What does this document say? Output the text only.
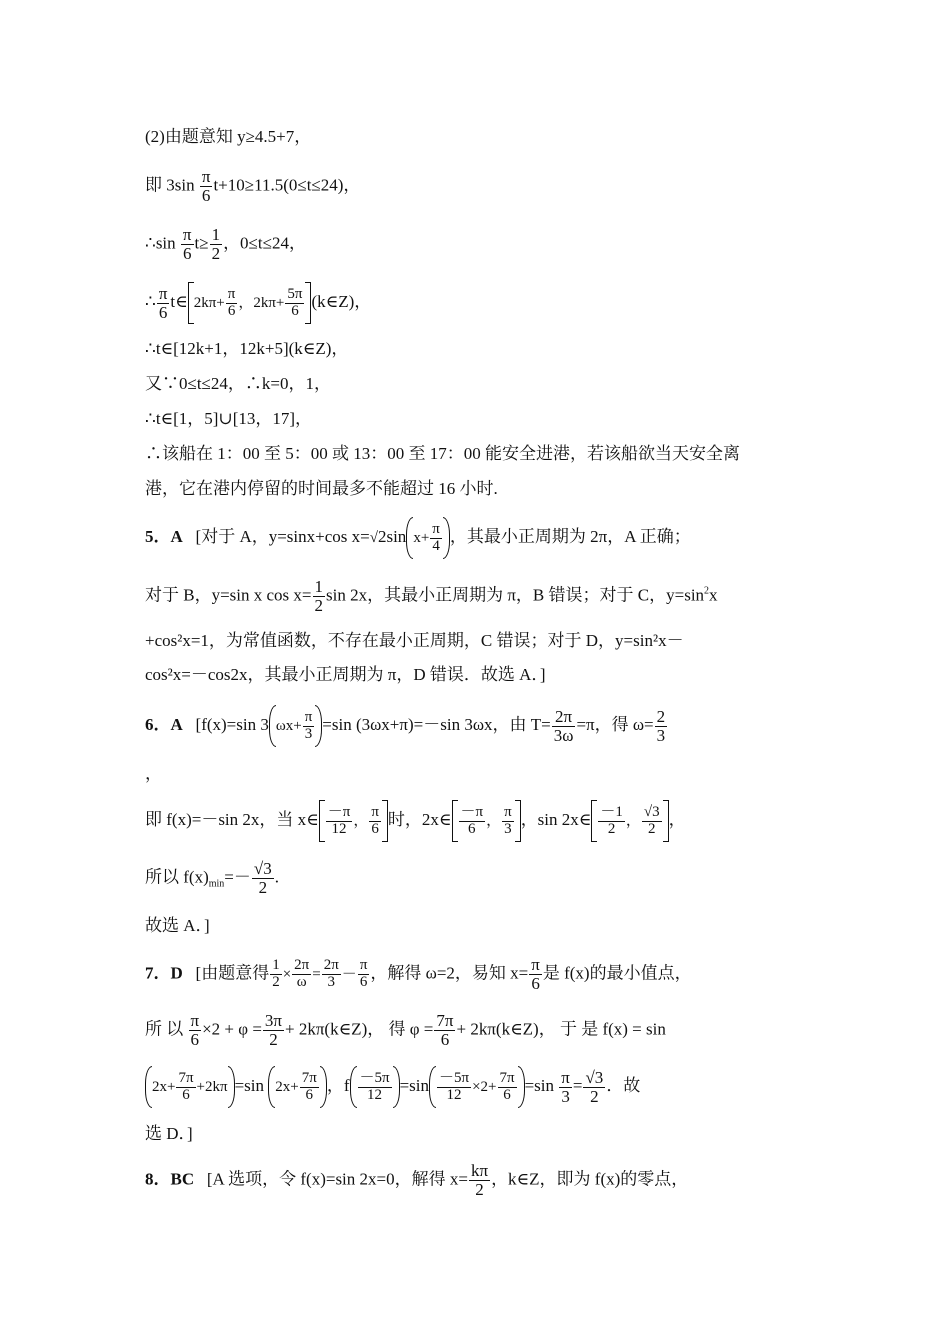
(2)由题意知 y≥4.5+7，
即 $3\sin \frac{\pi}{6} t+10\ge 11.5(0\le t\le 24)$，
∴sin $\frac{\pi}{6} t\ge \frac{1}{2}$ ，0≤t≤24，
∴ $\frac{\pi}{6}$ t∈ $2k\pi+ \frac{\pi}{6}$ ，$2k\pi+ \frac{5\pi}{6}$ (k∈Z)，
∴t∈[12k+1，12k+5](k∈Z)，
又∵0≤t≤24，∴k=0，1，
∴t∈[1，5]∪[13，17]，
∴该船在 1：00 至 5：00 或 13：00 至 17：00 能安全进港，若该船欲当天安全离
港，它在港内停留的时间最多不能超过 16 小时.
5．A [对于 A，y=sinx+cos x=√2sin $x+ \frac{\pi}{4}$ ，其最小正周期为 2π，A 正确；
对于 B，y=sin x $\cos x= \frac{1}{2}$ sin 2x，其最小正周期为 π，B 错误；对于 C，$y=\sin^2x$
+cos²x=1，为常值函数，不存在最小正周期，C 错误；对于 D，y=sin²x－
cos²x=－cos2x，其最小正周期为 π，D 错误．故选 A．]
6．A [f(x)=sin 3 $\omega x+ \frac{\pi}{3} =\sin$ (3ωx+π)=－sin 3ωx，由 $T= \frac{2\pi}{3\omega} =\pi$，得 $\omega= \frac{2}{3}$
，
即 f(x)=－sin 2x，当 x∈ $\frac{-\pi}{12}$ ， $\frac{\pi}{6}$ 时，2x∈ $\frac{-\pi}{6}$ ， $\frac{\pi}{3}$ ，sin 2x∈ $\frac{-1}{2}$ ， $\frac{√3}{2}$ ，
所以 $f(x)_{min}=- \frac{√3}{2}$ .
故选 A．]
7．D [由题意得 $\frac{1}{2} \times \frac{2\pi}{\omega} = \frac{2\pi}{3} - \frac{\pi}{6}$ ，解得 ω=2，易知 $x= \frac{\pi}{6}$ 是 f(x)的最小值点，
所 以 $\frac{\pi}{6} \times 2 + \varphi = \frac{3\pi}{2}$ + 2kπ(k∈Z)， 得 $\varphi = \frac{7\pi}{6}$ + 2kπ(k∈Z)， 于 是 f(x) = sin
$2x+ \frac{7\pi}{6} +2k\pi =\sin$ $2x+ \frac{7\pi}{6}$ ，f $\frac{-5\pi}{12} =\sin \frac{-5\pi}{12} \times 2+ \frac{7\pi}{6} =\sin \frac{\pi}{3} = \frac{√3}{2}$ ．故
选 D．]
8．BC [A 选项，令 f(x)=sin 2x=0，解得 $x= \frac{k\pi}{2}$ ，k∈Z，即为 f(x)的零点，
